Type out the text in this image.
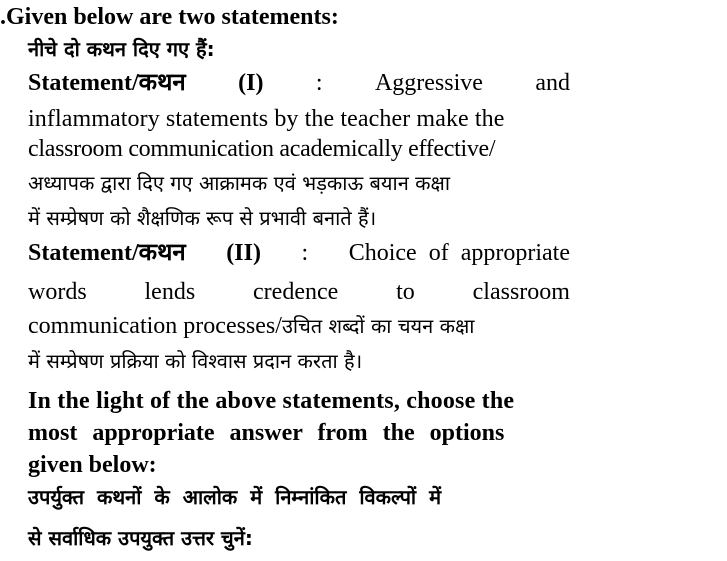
.Given below are two statements:
नीचे दो कथन दिए गए हैं:
Statement/कथन (I) : Aggressive and
inflammatory statements by the teacher make the
classroom communication academically effective/
अध्यापक द्वारा दिए गए आक्रामक एवं भड़काऊ बयान कक्षा
में सम्प्रेषण को शैक्षणिक रूप से प्रभावी बनाते हैं।
Statement/कथन (II) : Choice of appropriate
words lends credence to classroom
communication processes/उचित शब्दों का चयन कक्षा
में सम्प्रेषण प्रक्रिया को विश्वास प्रदान करता है।
In the light of the above statements, choose the
most appropriate answer from the options
given below:
उपर्युक्त कथनों के आलोक में निम्नांकित विकल्पों में
से सर्वाधिक उपयुक्त उत्तर चुनें:
